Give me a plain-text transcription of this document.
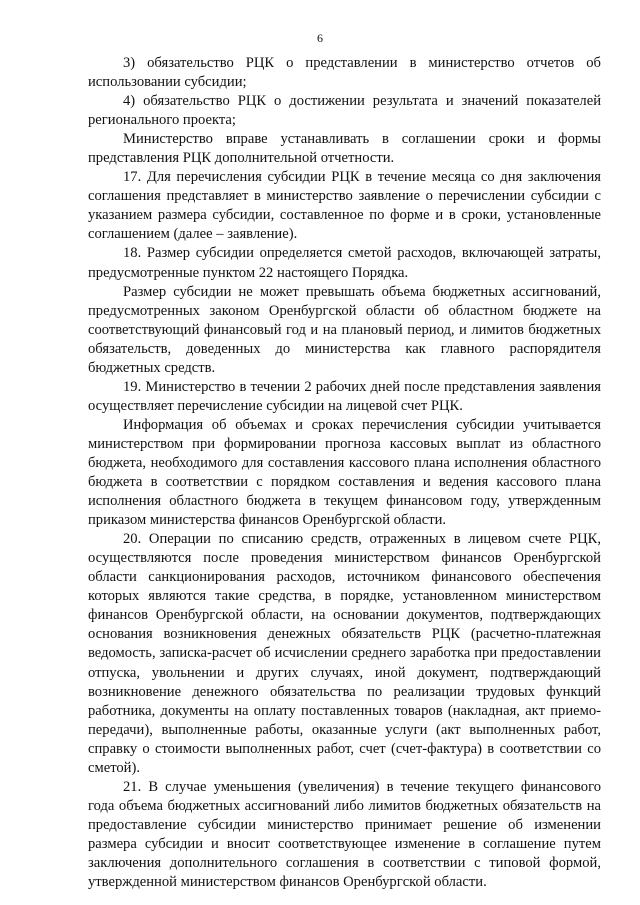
6

3) обязательство РЦК о представлении в министерство отчетов об использовании субсидии;

4) обязательство РЦК о достижении результата и значений показателей регионального проекта;

Министерство вправе устанавливать в соглашении сроки и формы представления РЦК дополнительной отчетности.

17. Для перечисления субсидии РЦК в течение месяца со дня заключения соглашения представляет в министерство заявление о перечислении субсидии с указанием размера субсидии, составленное по форме и в сроки, установленные соглашением (далее – заявление).

18. Размер субсидии определяется сметой расходов, включающей затраты, предусмотренные пунктом 22 настоящего Порядка.

Размер субсидии не может превышать объема бюджетных ассигнований, предусмотренных законом Оренбургской области об областном бюджете на соответствующий финансовый год и на плановый период, и лимитов бюджетных обязательств, доведенных до министерства как главного распорядителя бюджетных средств.

19. Министерство в течении 2 рабочих дней после представления заявления осуществляет перечисление субсидии на лицевой счет РЦК.

Информация об объемах и сроках перечисления субсидии учитывается министерством при формировании прогноза кассовых выплат из областного бюджета, необходимого для составления кассового плана исполнения областного бюджета в соответствии с порядком составления и ведения кассового плана исполнения областного бюджета в текущем финансовом году, утвержденным приказом министерства финансов Оренбургской области.

20. Операции по списанию средств, отраженных в лицевом счете РЦК, осуществляются после проведения министерством финансов Оренбургской области санкционирования расходов, источником финансового обеспечения которых являются такие средства, в порядке, установленном министерством финансов Оренбургской области, на основании документов, подтверждающих основания возникновения денежных обязательств РЦК (расчетно-платежная ведомость, записка-расчет об исчислении среднего заработка при предоставлении отпуска, увольнении и других случаях, иной документ, подтверждающий возникновение денежного обязательства по реализации трудовых функций работника, документы на оплату поставленных товаров (накладная, акт приемо-передачи), выполненные работы, оказанные услуги (акт выполненных работ, справку о стоимости выполненных работ, счет (счет-фактура) в соответствии со сметой).

21. В случае уменьшения (увеличения) в течение текущего финансового года объема бюджетных ассигнований либо лимитов бюджетных обязательств на предоставление субсидии министерство принимает решение об изменении размера субсидии и вносит соответствующее изменение в соглашение путем заключения дополнительного соглашения в соответствии с типовой формой, утвержденной министерством финансов Оренбургской области.
